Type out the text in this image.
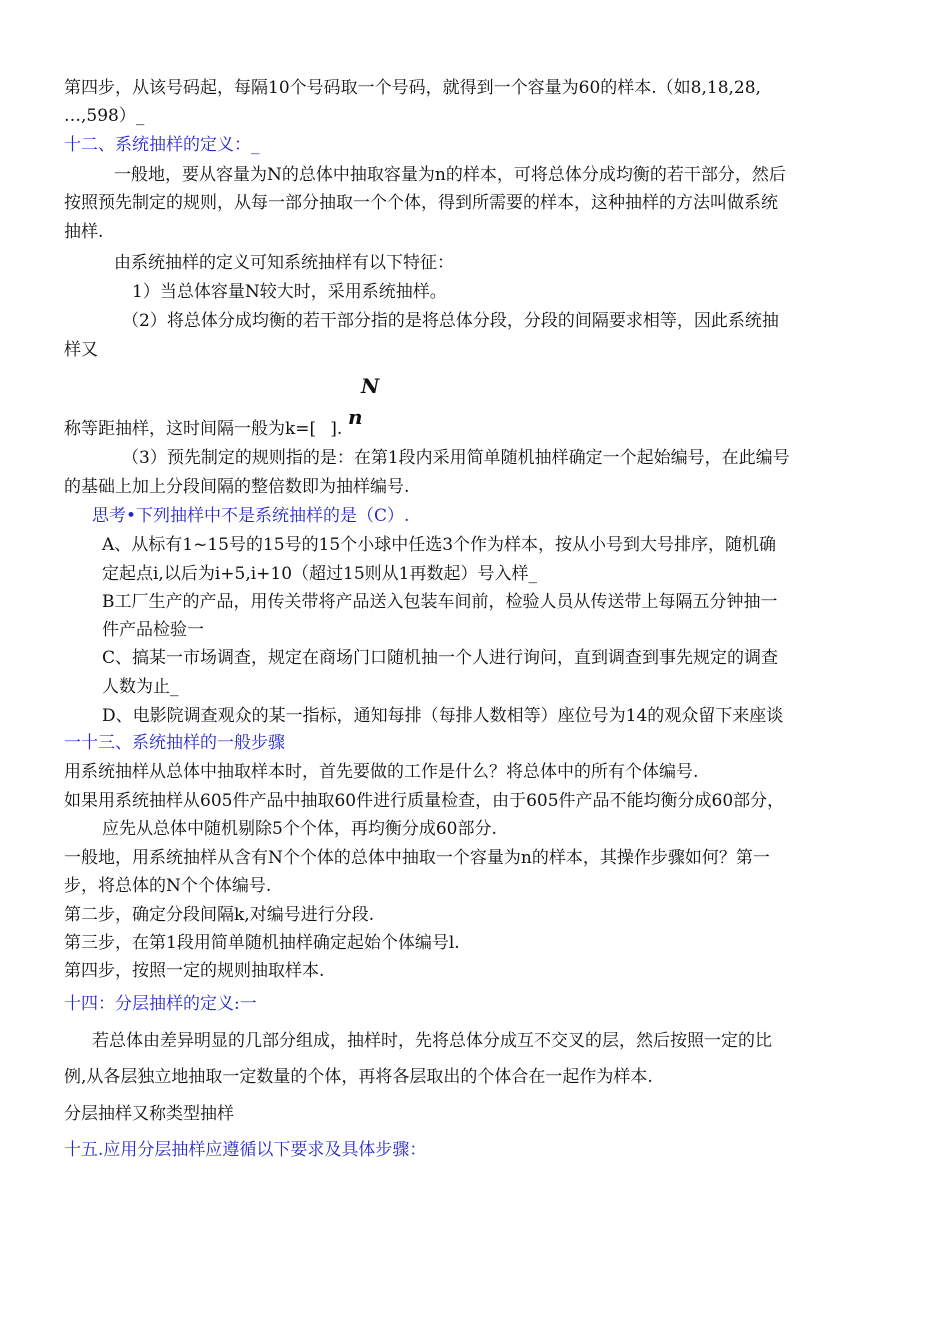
第四步，从该号码起，每隔10个号码取一个号码，就得到一个容量为60的样本.（如8,18,28,
…,598）_
十二、系统抽样的定义：_
一般地，要从容量为N的总体中抽取容量为n的样本，可将总体分成均衡的若干部分，然后
按照预先制定的规则，从每一部分抽取一个个体，得到所需要的样本，这种抽样的方法叫做系统
抽样.
由系统抽样的定义可知系统抽样有以下特征：
1）当总体容量N较大时，采用系统抽样。
（2）将总体分成均衡的若干部分指的是将总体分段，分段的间隔要求相等，因此系统抽
样又
N
称等距抽样，这时间隔一般为k=[ ]. n
（3）预先制定的规则指的是：在第1段内采用简单随机抽样确定一个起始编号，在此编号
的基础上加上分段间隔的整倍数即为抽样编号.
思考•下列抽样中不是系统抽样的是（C）.
A、从标有1~15号的15号的15个小球中任选3个作为样本，按从小号到大号排序，随机确
定起点i,以后为i+5,i+10（超过15则从1再数起）号入样_
B工厂生产的产品，用传关带将产品送入包装车间前，检验人员从传送带上每隔五分钟抽一
件产品检验一
C、搞某一市场调查，规定在商场门口随机抽一个人进行询问，直到调查到事先规定的调查
人数为止_
D、电影院调查观众的某一指标，通知每排（每排人数相等）座位号为14的观众留下来座谈
一十三、系统抽样的一般步骤
用系统抽样从总体中抽取样本时，首先要做的工作是什么？将总体中的所有个体编号.
如果用系统抽样从605件产品中抽取60件进行质量检查，由于605件产品不能均衡分成60部分，
应先从总体中随机剔除5个个体，再均衡分成60部分.
一般地，用系统抽样从含有N个个体的总体中抽取一个容量为n的样本，其操作步骤如何？第一
步，将总体的N个个体编号.
第二步，确定分段间隔k,对编号进行分段.
第三步，在第1段用简单随机抽样确定起始个体编号l.
第四步，按照一定的规则抽取样本.
十四：分层抽样的定义:一
若总体由差异明显的几部分组成，抽样时，先将总体分成互不交叉的层，然后按照一定的比
例,从各层独立地抽取一定数量的个体，再将各层取出的个体合在一起作为样本.
分层抽样又称类型抽样
十五.应用分层抽样应遵循以下要求及具体步骤：
